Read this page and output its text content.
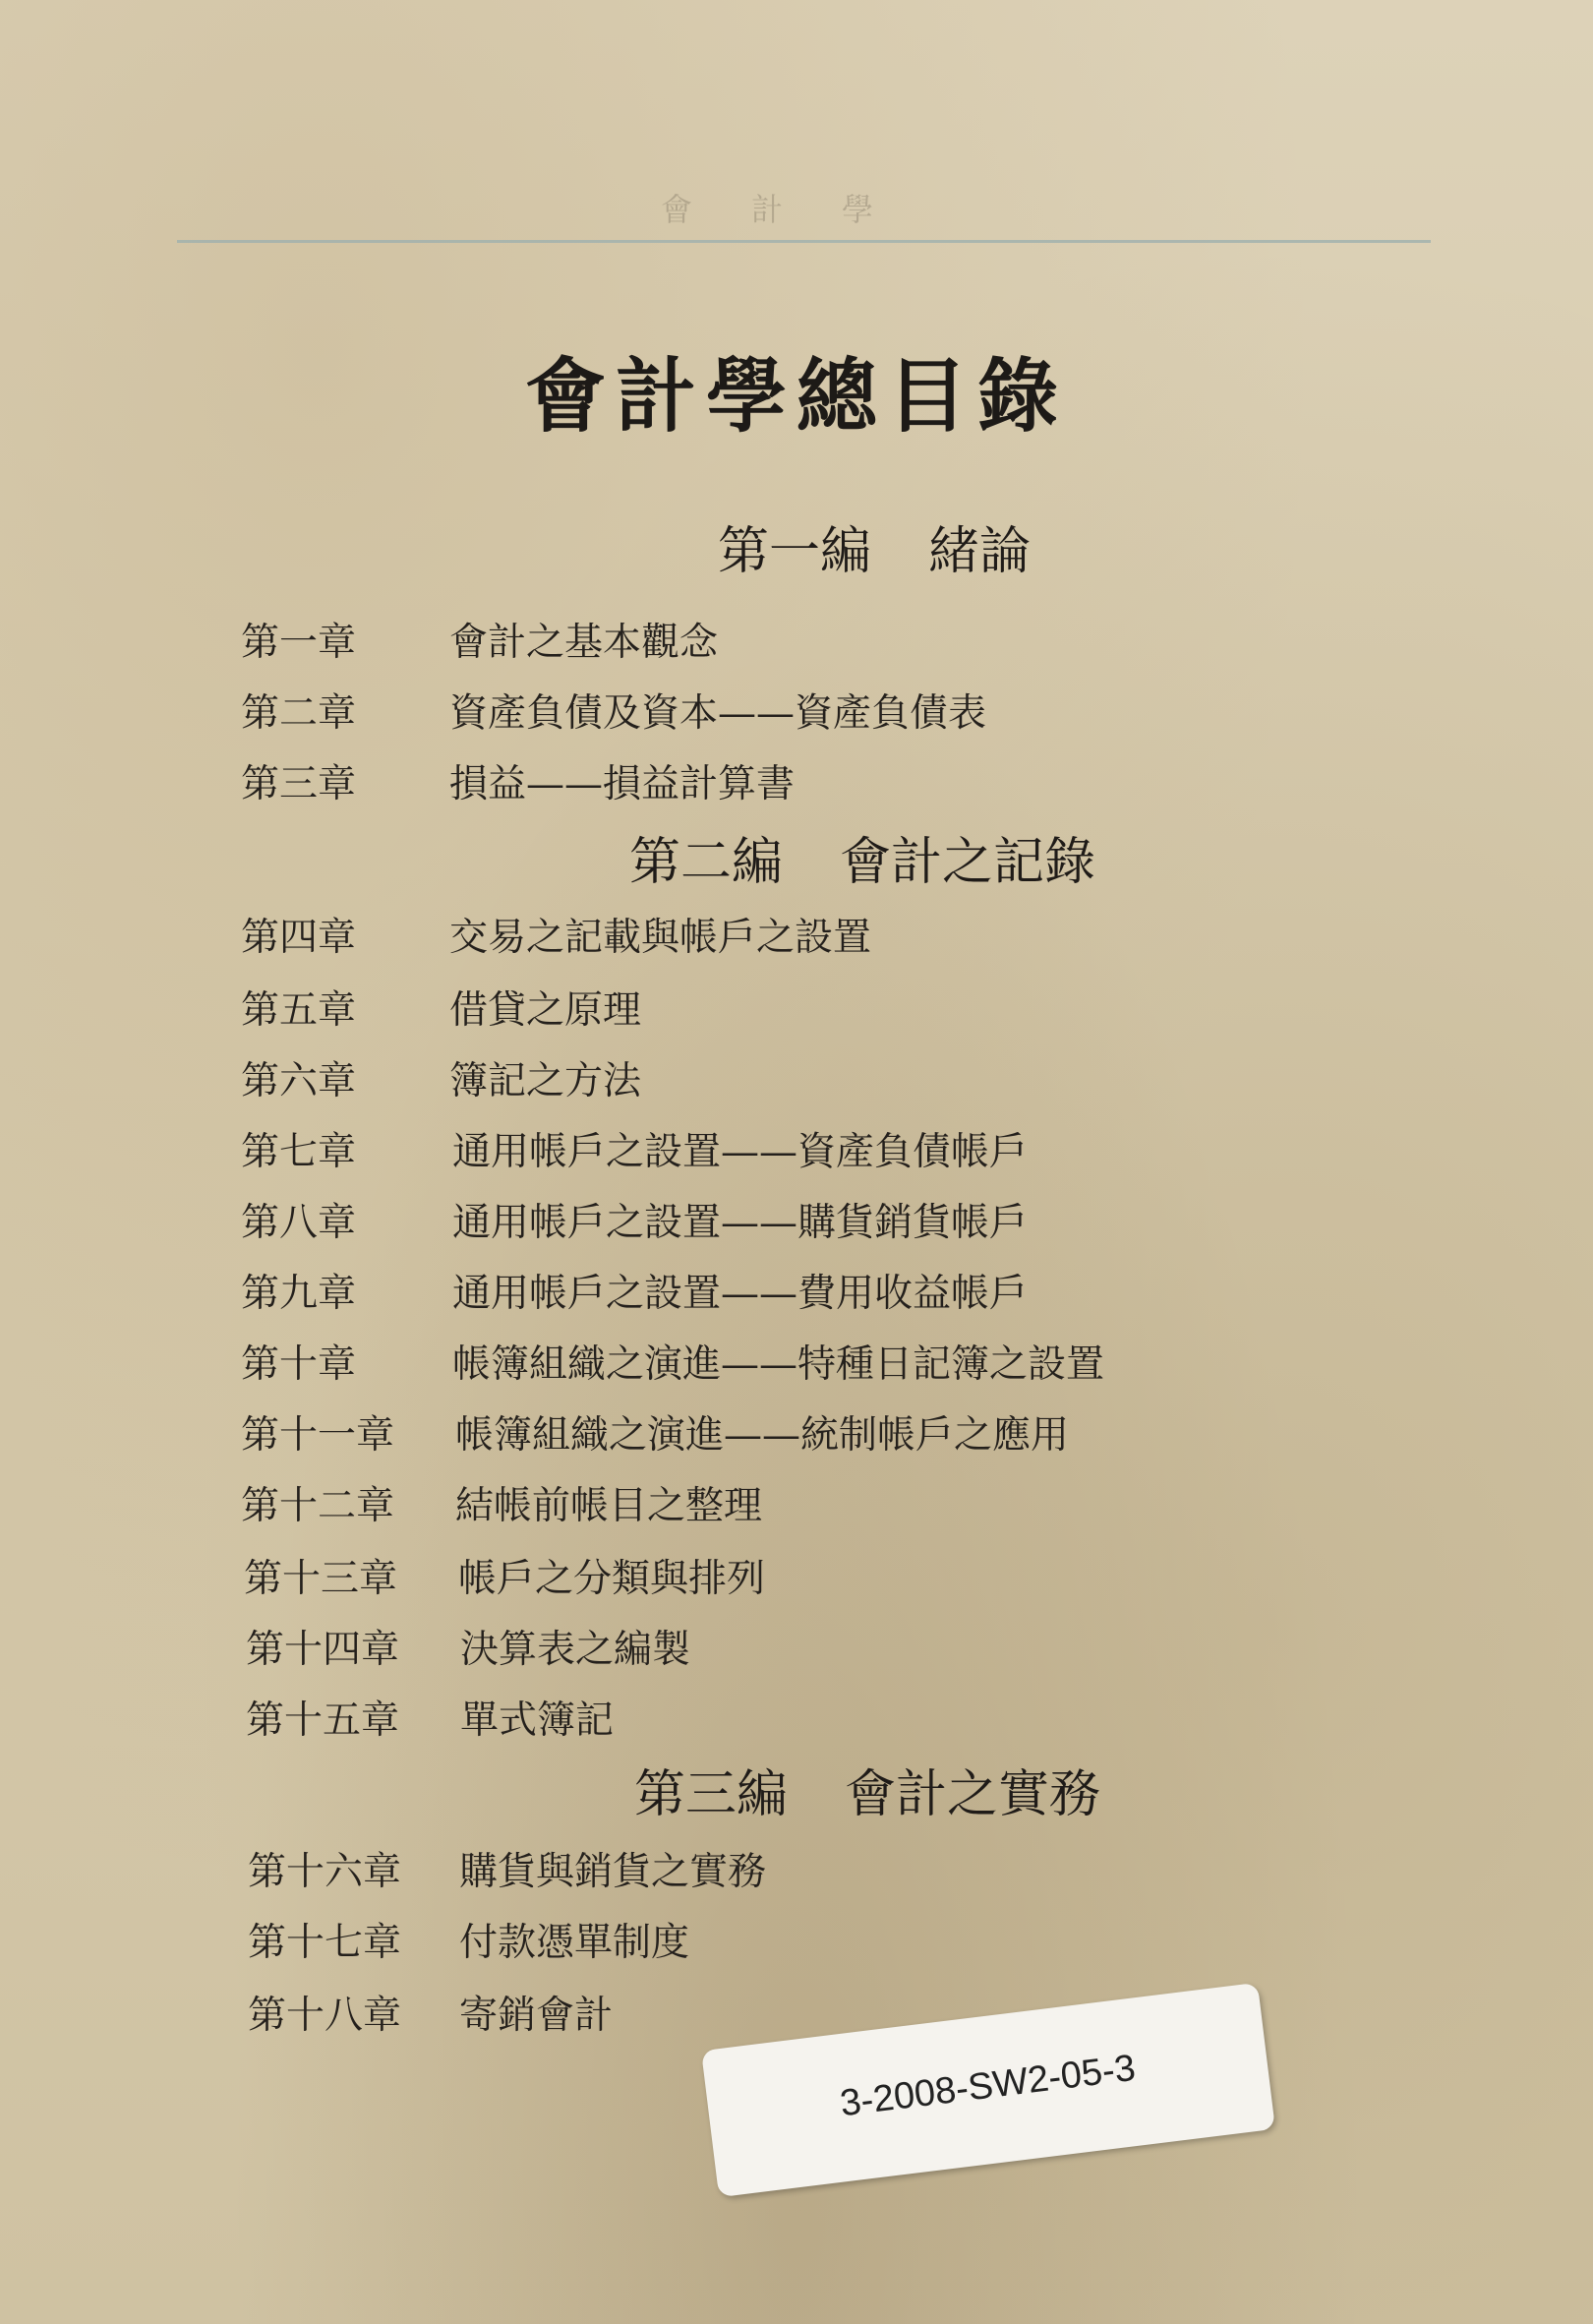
會計學
會計學總目錄
第一編 緒論
第一章 會計之基本觀念
第二章 資產負債及資本——資產負債表
第三章 損益——損益計算書
第二編 會計之記錄
第四章 交易之記載與帳戶之設置
第五章 借貸之原理
第六章 簿記之方法
第七章	通用帳戶之設置——資產負債帳戶
第八章	通用帳戶之設置——購貨銷貨帳戶
第九章	通用帳戶之設置——費用收益帳戶
第十章	帳簿組織之演進——特種日記簿之設置
第十一章 帳簿組織之演進——統制帳戶之應用
第十二章 結帳前帳目之整理
第十三章 帳戶之分類與排列
第十四章 決算表之編製
第十五章 單式簿記
第三編 會計之實務
第十六章 購貨與銷貨之實務
第十七章 付款憑單制度
第十八章 寄銷會計
3-2008-SW2-05-3
